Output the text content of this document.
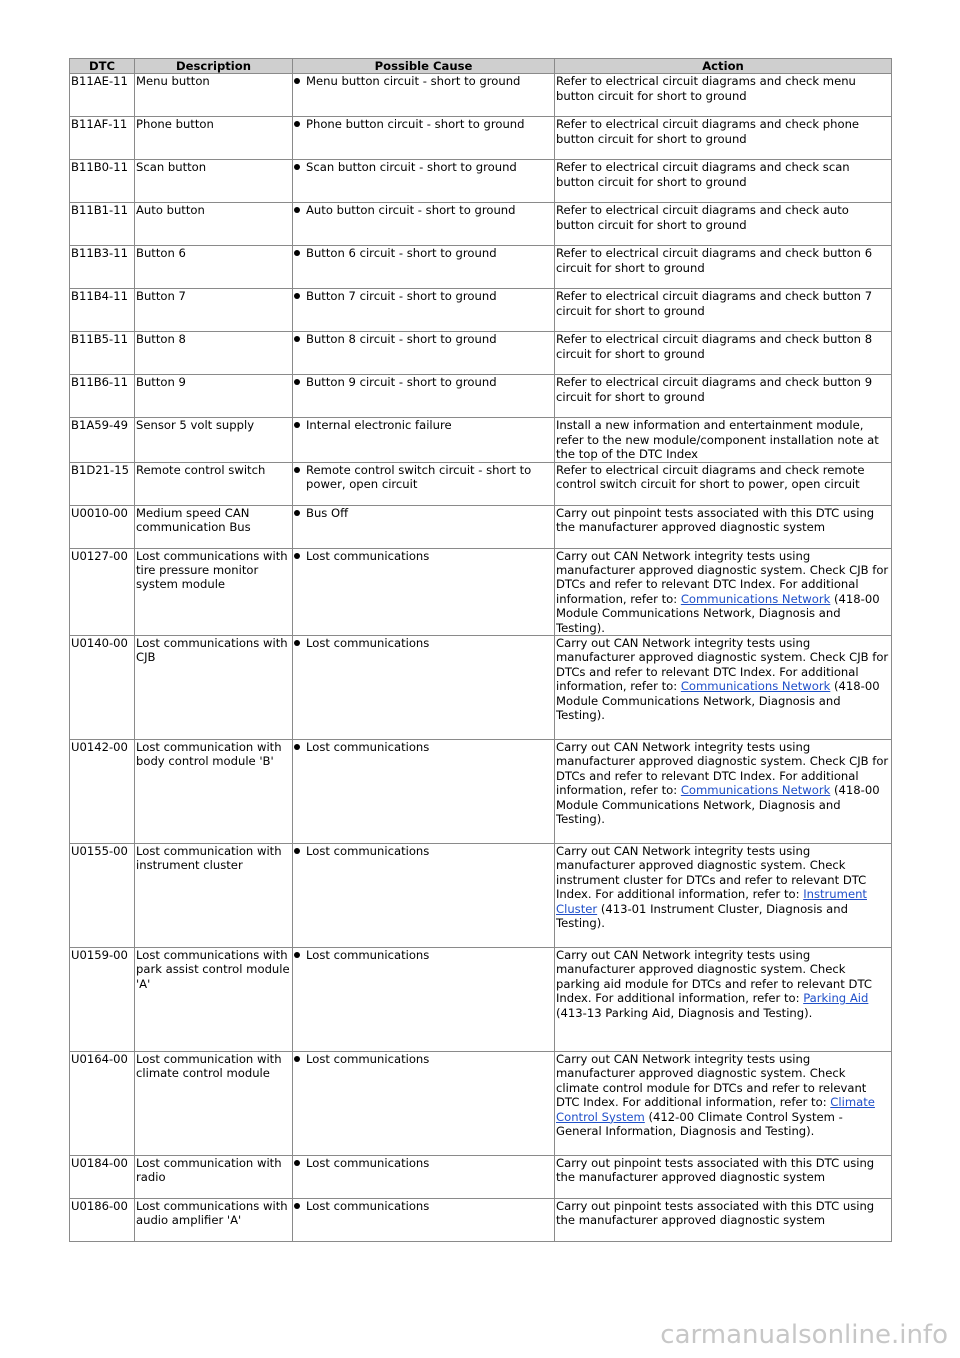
DTC	Description	Possible Cause	Action
B11AE-11	Menu button	Menu button circuit - short to ground	Refer to electrical circuit diagrams and check menu button circuit for short to ground
B11AF-11	Phone button	Phone button circuit - short to ground	Refer to electrical circuit diagrams and check phone button circuit for short to ground
B11B0-11	Scan button	Scan button circuit - short to ground	Refer to electrical circuit diagrams and check scan button circuit for short to ground
B11B1-11	Auto button	Auto button circuit - short to ground	Refer to electrical circuit diagrams and check auto button circuit for short to ground
B11B3-11	Button 6	Button 6 circuit - short to ground	Refer to electrical circuit diagrams and check button 6 circuit for short to ground
B11B4-11	Button 7	Button 7 circuit - short to ground	Refer to electrical circuit diagrams and check button 7 circuit for short to ground
B11B5-11	Button 8	Button 8 circuit - short to ground	Refer to electrical circuit diagrams and check button 8 circuit for short to ground
B11B6-11	Button 9	Button 9 circuit - short to ground	Refer to electrical circuit diagrams and check button 9 circuit for short to ground
B1A59-49	Sensor 5 volt supply	Internal electronic failure	Install a new information and entertainment module, refer to the new module/component installation note at the top of the DTC Index
B1D21-15	Remote control switch	Remote control switch circuit - short to power, open circuit	Refer to electrical circuit diagrams and check remote control switch circuit for short to power, open circuit
U0010-00	Medium speed CAN communication Bus	Bus Off	Carry out pinpoint tests associated with this DTC using the manufacturer approved diagnostic system
U0127-00	Lost communications with tire pressure monitor system module	Lost communications	Carry out CAN Network integrity tests using manufacturer approved diagnostic system. Check CJB for DTCs and refer to relevant DTC Index. For additional information, refer to: Communications Network (418-00 Module Communications Network, Diagnosis and Testing).
U0140-00	Lost communications with CJB	Lost communications	Carry out CAN Network integrity tests using manufacturer approved diagnostic system. Check CJB for DTCs and refer to relevant DTC Index. For additional information, refer to: Communications Network (418-00 Module Communications Network, Diagnosis and Testing).
U0142-00	Lost communication with body control module 'B'	Lost communications	Carry out CAN Network integrity tests using manufacturer approved diagnostic system. Check CJB for DTCs and refer to relevant DTC Index. For additional information, refer to: Communications Network (418-00 Module Communications Network, Diagnosis and Testing).
U0155-00	Lost communication with instrument cluster	Lost communications	Carry out CAN Network integrity tests using manufacturer approved diagnostic system. Check instrument cluster for DTCs and refer to relevant DTC Index. For additional information, refer to: Instrument Cluster (413-01 Instrument Cluster, Diagnosis and Testing).
U0159-00	Lost communications with park assist control module 'A'	Lost communications	Carry out CAN Network integrity tests using manufacturer approved diagnostic system. Check parking aid module for DTCs and refer to relevant DTC Index. For additional information, refer to: Parking Aid (413-13 Parking Aid, Diagnosis and Testing).
U0164-00	Lost communication with climate control module	Lost communications	Carry out CAN Network integrity tests using manufacturer approved diagnostic system. Check climate control module for DTCs and refer to relevant DTC Index. For additional information, refer to: Climate Control System (412-00 Climate Control System - General Information, Diagnosis and Testing).
U0184-00	Lost communication with radio	Lost communications	Carry out pinpoint tests associated with this DTC using the manufacturer approved diagnostic system
U0186-00	Lost communications with audio amplifier 'A'	Lost communications	Carry out pinpoint tests associated with this DTC using the manufacturer approved diagnostic system
carmanualsonline.info
